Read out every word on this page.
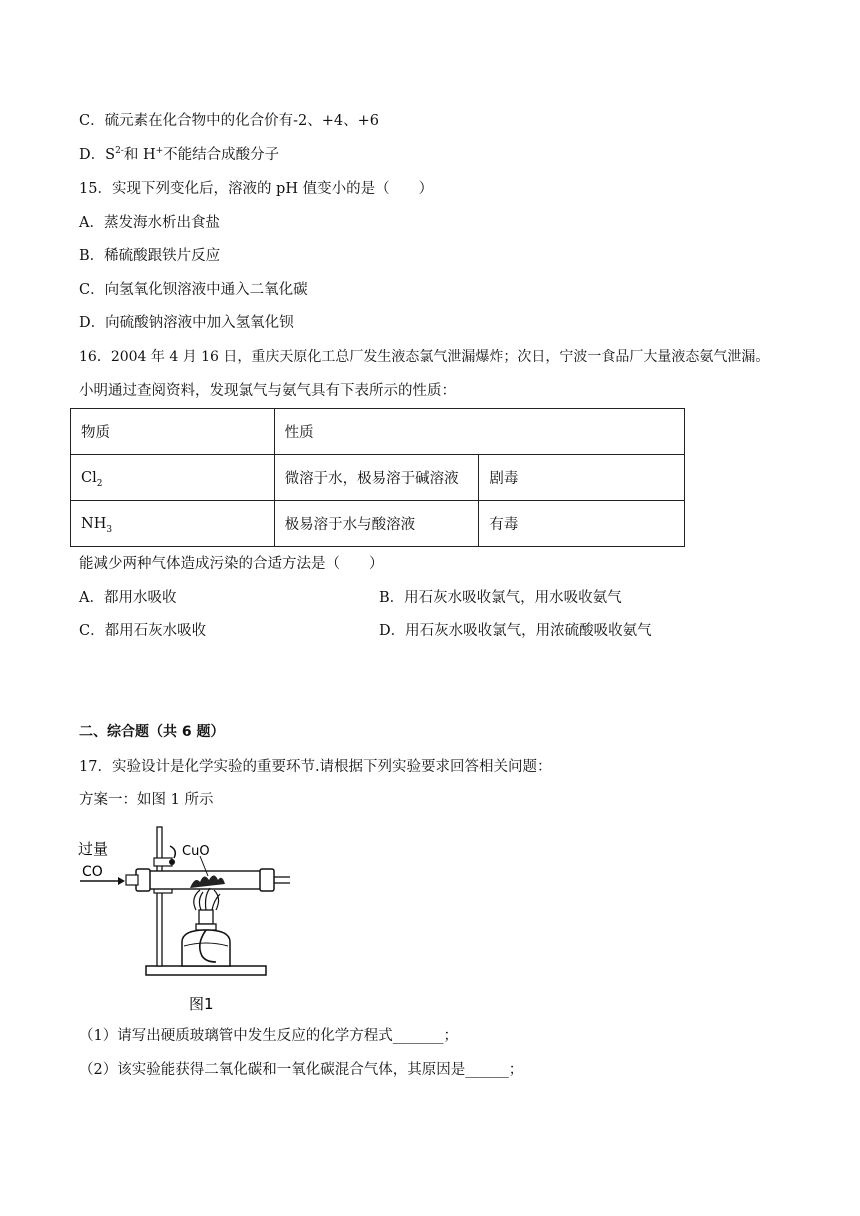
C．硫元素在化合物中的化合价有-2、+4、+6
D．$S^{2-}$和 H+不能结合成酸分子
15．实现下列变化后，溶液的 pH 值变小的是（　　）
A．蒸发海水析出食盐
B．稀硫酸跟铁片反应
C．向氢氧化钡溶液中通入二氧化碳
D．向硫酸钠溶液中加入氢氧化钡
16．2004 年 4 月 16 日，重庆天原化工总厂发生液态氯气泄漏爆炸；次日，宁波一食品厂大量液态氨气泄漏。
小明通过查阅资料，发现氯气与氨气具有下表所示的性质：
物质	性质	
$Cl_2$	微溶于水，极易溶于碱溶液	剧毒
$NH_3$	极易溶于水与酸溶液	有毒
能减少两种气体造成污染的合适方法是（　　）
A．都用水吸收	B．用石灰水吸收氯气，用水吸收氨气
C．都用石灰水吸收	D．用石灰水吸收氯气，用浓硫酸吸收氨气
二、综合题（共 6 题）
17．实验设计是化学实验的重要环节.请根据下列实验要求回答相关问题：
方案一：如图 1 所示
过量
CO
CuO
图1
（1）请写出硬质玻璃管中发生反应的化学方程式_______；
（2）该实验能获得二氧化碳和一氧化碳混合气体，其原因是______；
